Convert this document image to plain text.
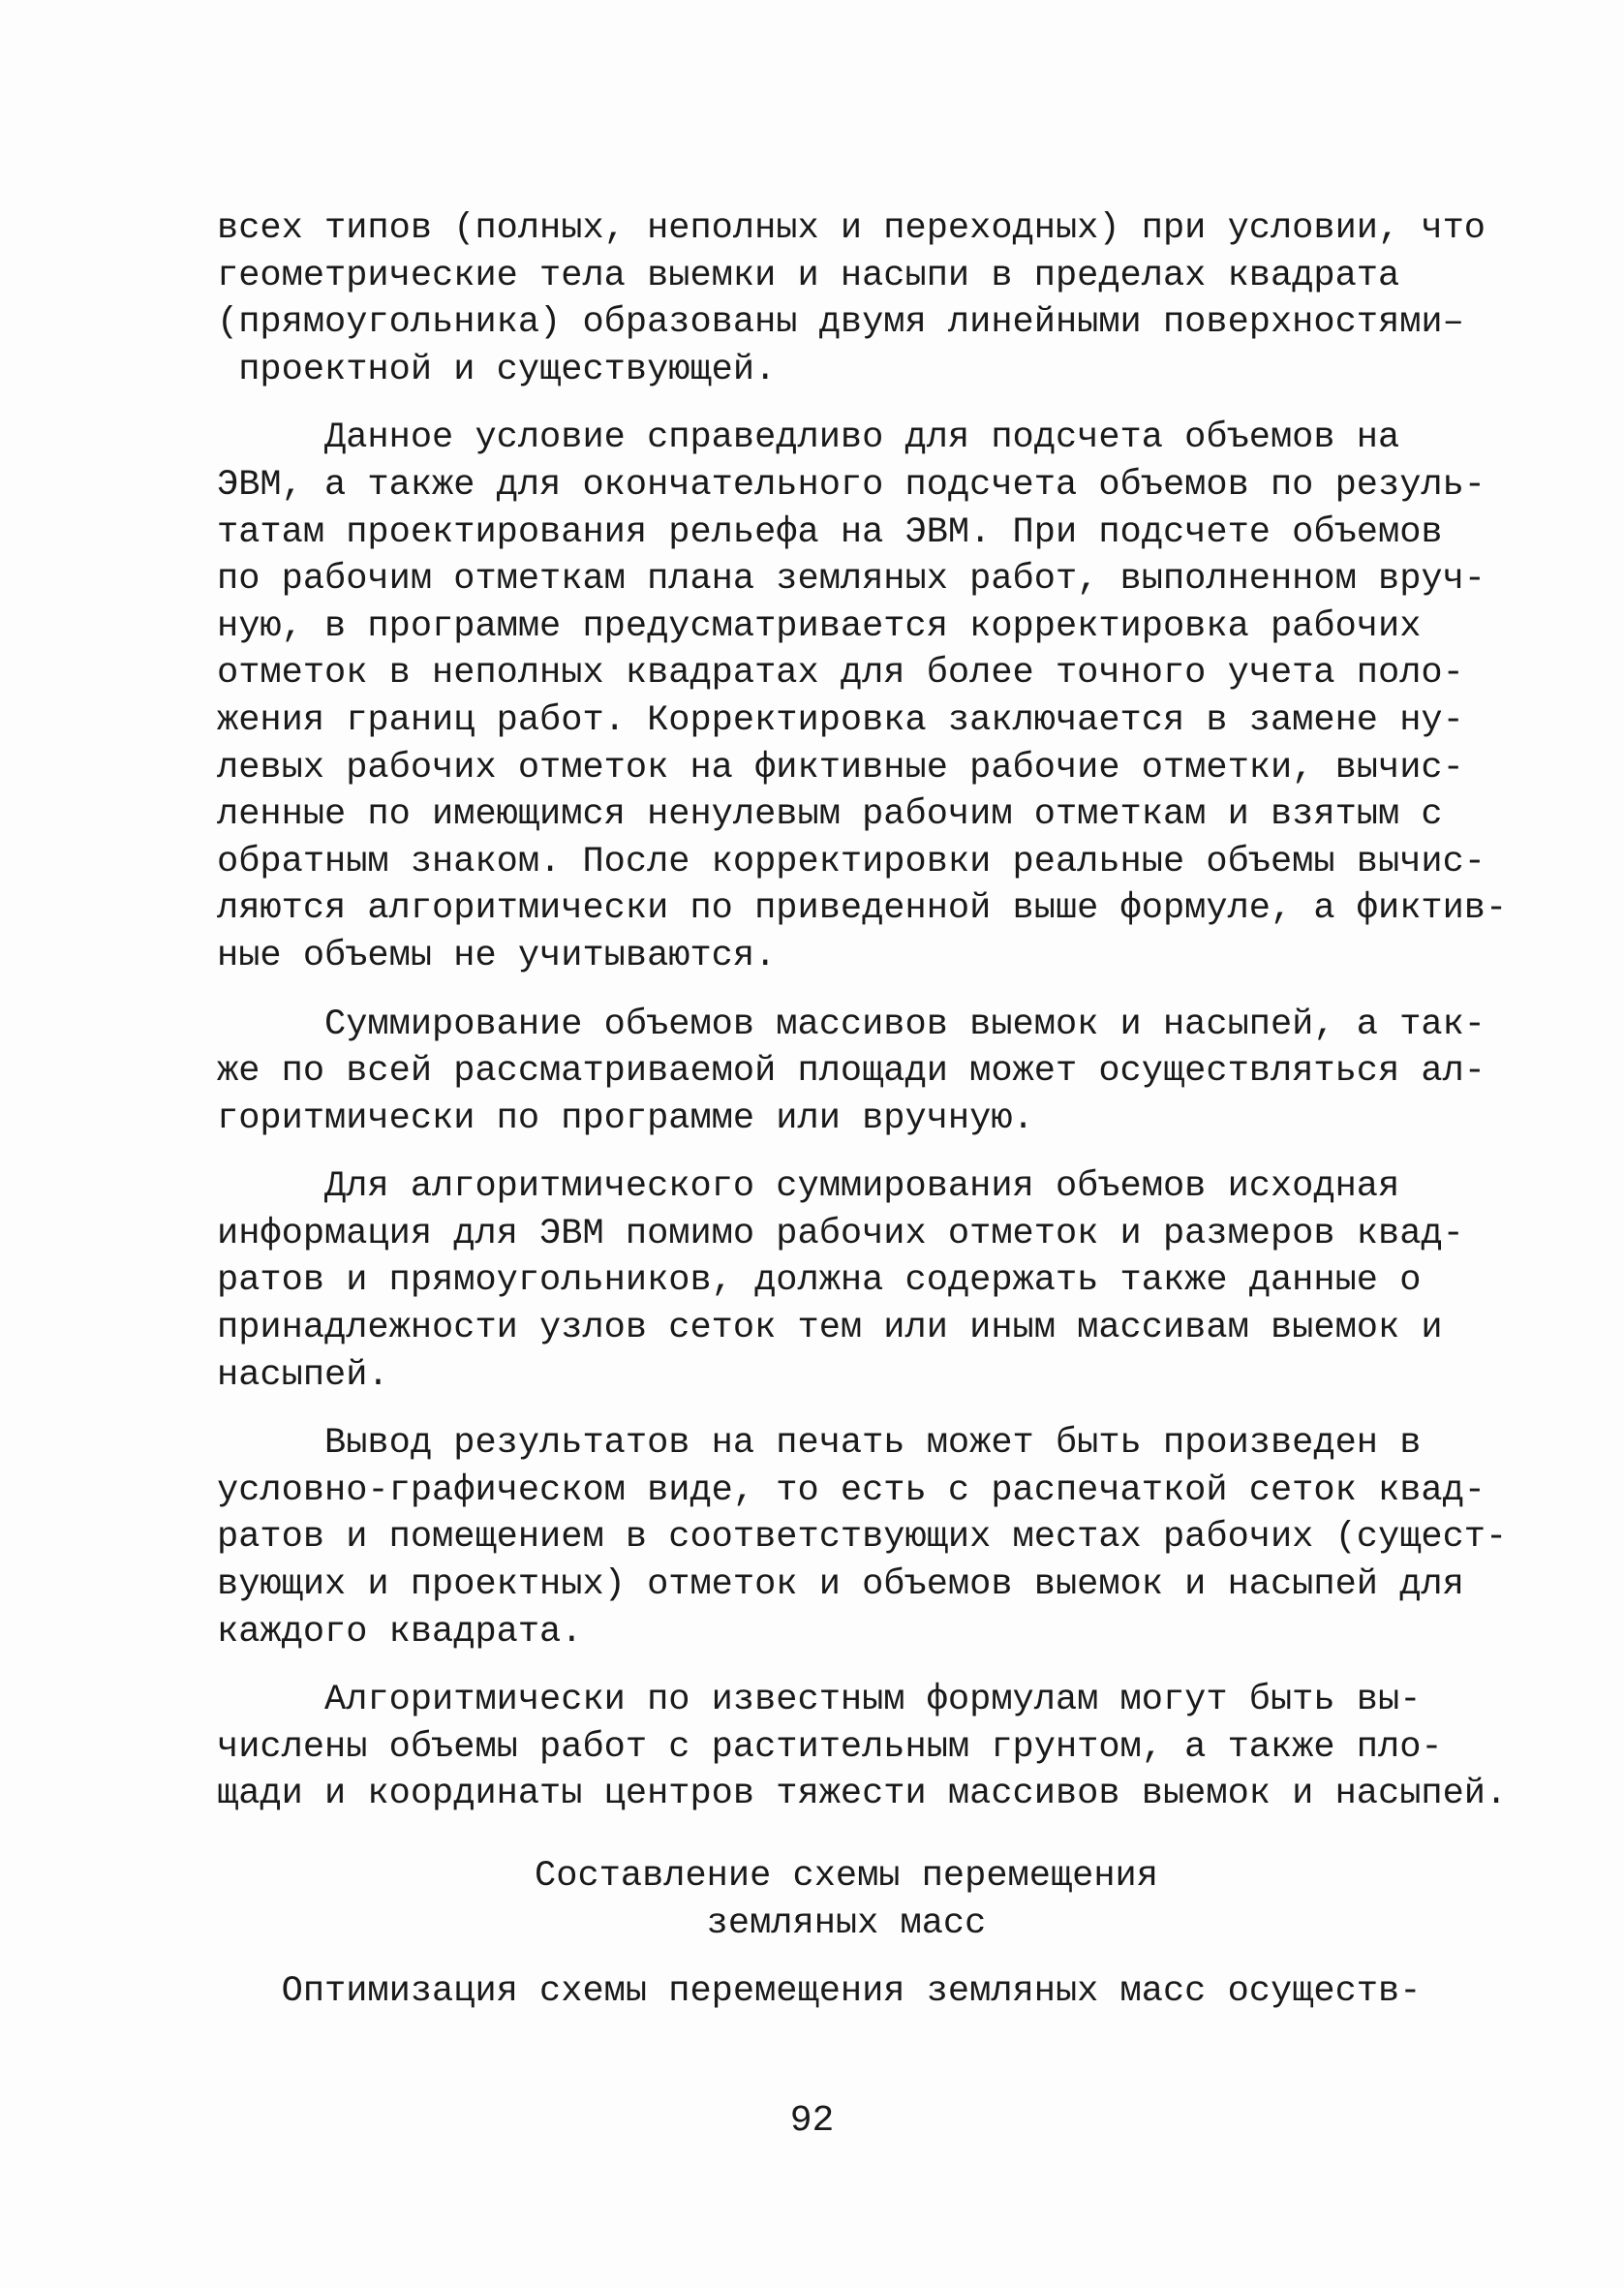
всех типов (полных, неполных и переходных) при условии, что
геометрические тела выемки и насыпи в пределах квадрата
(прямоугольника) образованы двумя линейными поверхностями–
проектной и существующей.
Данное условие справедливо для подсчета объемов на
ЭВМ, а также для окончательного подсчета объемов по резуль-
татам проектирования рельефа на ЭВМ. При подсчете объемов
по рабочим отметкам плана земляных работ, выполненном вруч-
ную, в программе предусматривается корректировка рабочих
отметок в неполных квадратах для более точного учета поло-
жения границ работ. Корректировка заключается в замене ну-
левых рабочих отметок на фиктивные рабочие отметки, вычис-
ленные по имеющимся ненулевым рабочим отметкам и взятым с
обратным знаком. После корректировки реальные объемы вычис-
ляются алгоритмически по приведенной выше формуле, а фиктив-
ные объемы не учитываются.
Суммирование объемов массивов выемок и насыпей, а так-
же по всей рассматриваемой площади может осуществляться ал-
горитмически по программе или вручную.
Для алгоритмического суммирования объемов исходная
информация для ЭВМ помимо рабочих отметок и размеров квад-
ратов и прямоугольников, должна содержать также данные о
принадлежности узлов сеток тем или иным массивам выемок и
насыпей.
Вывод результатов на печать может быть произведен в
условно-графическом виде, то есть с распечаткой сеток квад-
ратов и помещением в соответствующих местах рабочих (сущест-
вующих и проектных) отметок и объемов выемок и насыпей для
каждого квадрата.
Алгоритмически по известным формулам могут быть вы-
числены объемы работ с растительным грунтом, а также пло-
щади и координаты центров тяжести массивов выемок и насыпей.
Составление схемы перемещения
земляных масс
Оптимизация схемы перемещения земляных масс осуществ-
92
